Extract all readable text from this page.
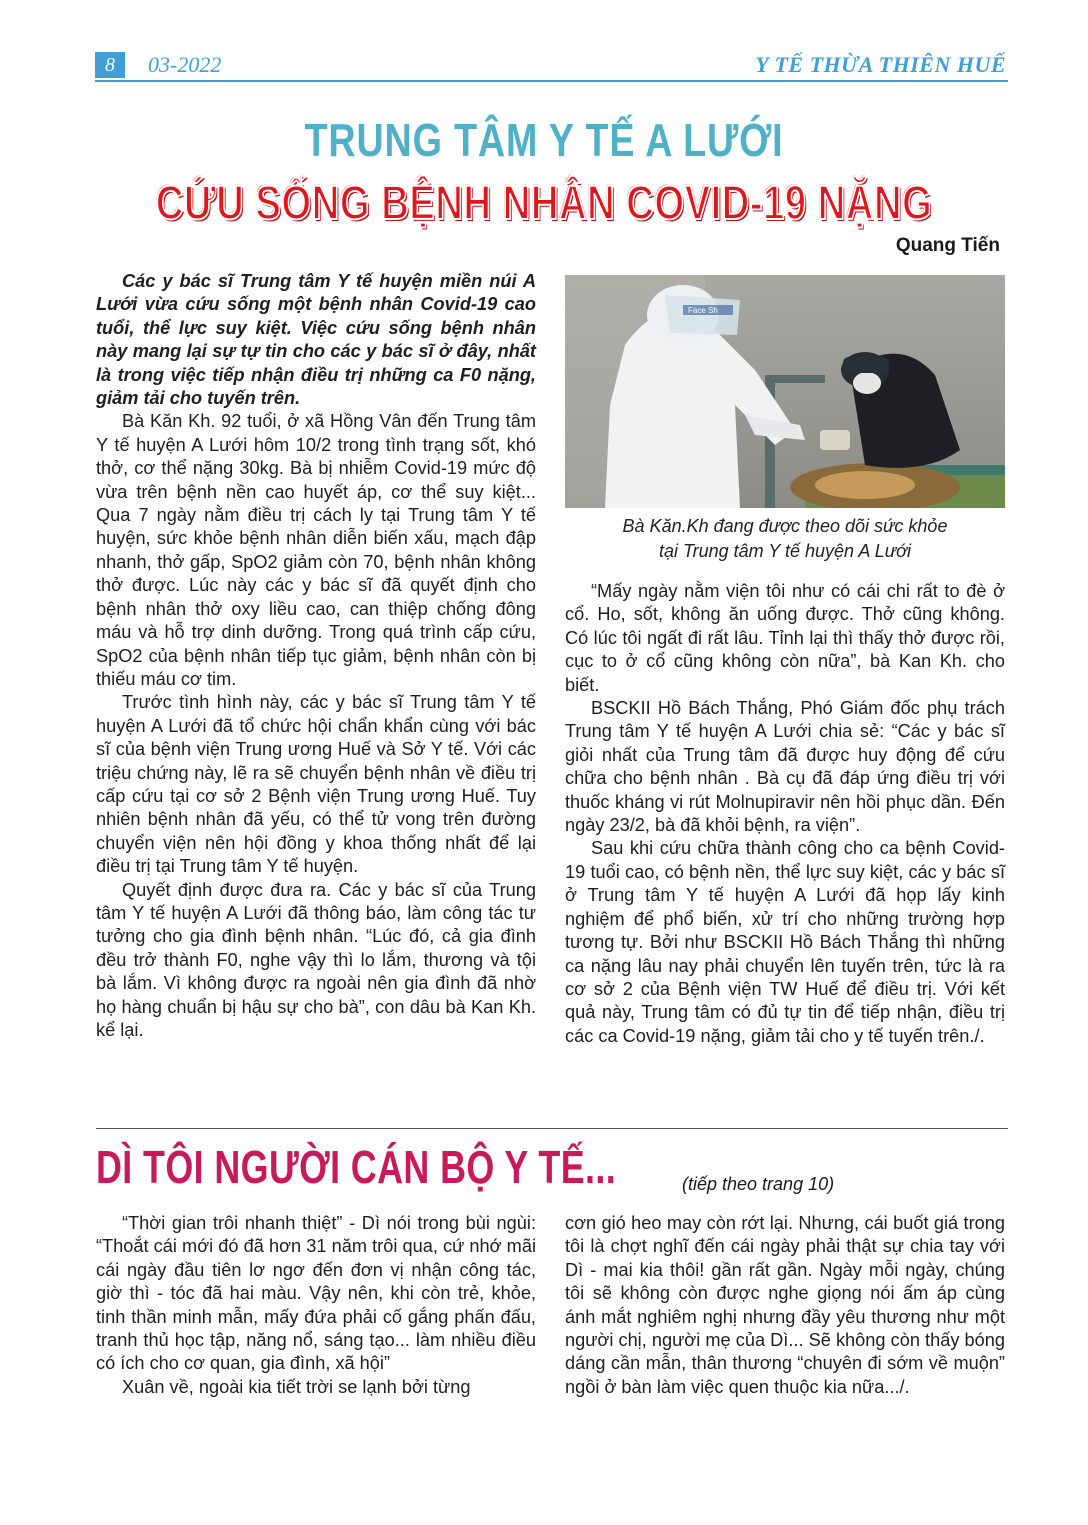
8	03-2022	Y TẾ THỪA THIÊN HUẾ
TRUNG TÂM Y TẾ A LƯỚI
CỨU SỐNG BỆNH NHÂN COVID-19 NẶNG
Quang Tiến

Các y bác sĩ Trung tâm Y tế huyện miền núi A Lưới vừa cứu sống một bệnh nhân Covid-19 cao tuổi, thể lực suy kiệt. Việc cứu sống bệnh nhân này mang lại sự tự tin cho các y bác sĩ ở đây, nhất là trong việc tiếp nhận điều trị những ca F0 nặng, giảm tải cho tuyến trên.

Bà Kăn Kh. 92 tuổi, ở xã Hồng Vân đến Trung tâm Y tế huyện A Lưới hôm 10/2 trong tình trạng sốt, khó thở, cơ thể nặng 30kg. Bà bị nhiễm Covid-19 mức độ vừa trên bệnh nền cao huyết áp, cơ thể suy kiệt... Qua 7 ngày nằm điều trị cách ly tại Trung tâm Y tế huyện, sức khỏe bệnh nhân diễn biến xấu, mạch đập nhanh, thở gấp, SpO2 giảm còn 70, bệnh nhân không thở được. Lúc này các y bác sĩ đã quyết định cho bệnh nhân thở oxy liều cao, can thiệp chống đông máu và hỗ trợ dinh dưỡng. Trong quá trình cấp cứu, SpO2 của bệnh nhân tiếp tục giảm, bệnh nhân còn bị thiếu máu cơ tim.

Trước tình hình này, các y bác sĩ Trung tâm Y tế huyện A Lưới đã tổ chức hội chẩn khẩn cùng với bác sĩ của bệnh viện Trung ương Huế và Sở Y tế. Với các triệu chứng này, lẽ ra sẽ chuyển bệnh nhân về điều trị cấp cứu tại cơ sở 2 Bệnh viện Trung ương Huế. Tuy nhiên bệnh nhân đã yếu, có thể tử vong trên đường chuyển viện nên hội đồng y khoa thống nhất để lại điều trị tại Trung tâm Y tế huyện.

Quyết định được đưa ra. Các y bác sĩ của Trung tâm Y tế huyện A Lưới đã thông báo, làm công tác tư tưởng cho gia đình bệnh nhân. “Lúc đó, cả gia đình đều trở thành F0, nghe vậy thì lo lắm, thương và tội bà lắm. Vì không được ra ngoài nên gia đình đã nhờ họ hàng chuẩn bị hậu sự cho bà”, con dâu bà Kan Kh. kể lại.

Face Sh
Bà Kăn.Kh đang được theo dõi sức khỏe
tại Trung tâm Y tế huyện A Lưới

“Mấy ngày nằm viện tôi như có cái chi rất to đè ở cổ. Ho, sốt, không ăn uống được. Thở cũng không. Có lúc tôi ngất đi rất lâu. Tỉnh lại thì thấy thở được rồi, cục to ở cổ cũng không còn nữa”, bà Kan Kh. cho biết.

BSCKII Hồ Bách Thắng, Phó Giám đốc phụ trách Trung tâm Y tế huyện A Lưới chia sẻ: “Các y bác sĩ giỏi nhất của Trung tâm đã được huy động để cứu chữa cho bệnh nhân . Bà cụ đã đáp ứng điều trị với thuốc kháng vi rút Molnupiravir nên hồi phục dần. Đến ngày 23/2, bà đã khỏi bệnh, ra viện”.

Sau khi cứu chữa thành công cho ca bệnh Covid-19 tuổi cao, có bệnh nền, thể lực suy kiệt, các y bác sĩ ở Trung tâm Y tế huyện A Lưới đã họp lấy kinh nghiệm để phổ biến, xử trí cho những trường hợp tương tự. Bởi như BSCKII Hồ Bách Thắng thì những ca nặng lâu nay phải chuyển lên tuyến trên, tức là ra cơ sở 2 của Bệnh viện TW Huế để điều trị. Với kết quả này, Trung tâm có đủ tự tin để tiếp nhận, điều trị các ca Covid-19 nặng, giảm tải cho y tế tuyến trên./.

DÌ TÔI NGƯỜI CÁN BỘ Y TẾ...	(tiếp theo trang 10)

“Thời gian trôi nhanh thiệt” - Dì nói trong bùi ngùi: “Thoắt cái mới đó đã hơn 31 năm trôi qua, cứ nhớ mãi cái ngày đầu tiên lơ ngơ đến đơn vị nhận công tác, giờ thì - tóc đã hai màu. Vậy nên, khi còn trẻ, khỏe, tinh thần minh mẫn, mấy đứa phải cố gắng phấn đấu, tranh thủ học tập, năng nổ, sáng tạo... làm nhiều điều có ích cho cơ quan, gia đình, xã hội”

Xuân về, ngoài kia tiết trời se lạnh bởi từng

cơn gió heo may còn rớt lại. Nhưng, cái buốt giá trong tôi là chợt nghĩ đến cái ngày phải thật sự chia tay với Dì - mai kia thôi! gần rất gần. Ngày mỗi ngày, chúng tôi sẽ không còn được nghe giọng nói ấm áp cùng ánh mắt nghiêm nghị nhưng đầy yêu thương như một người chị, người mẹ của Dì... Sẽ không còn thấy bóng dáng cần mẫn, thân thương “chuyên đi sớm về muộn” ngồi ở bàn làm việc quen thuộc kia nữa.../.
